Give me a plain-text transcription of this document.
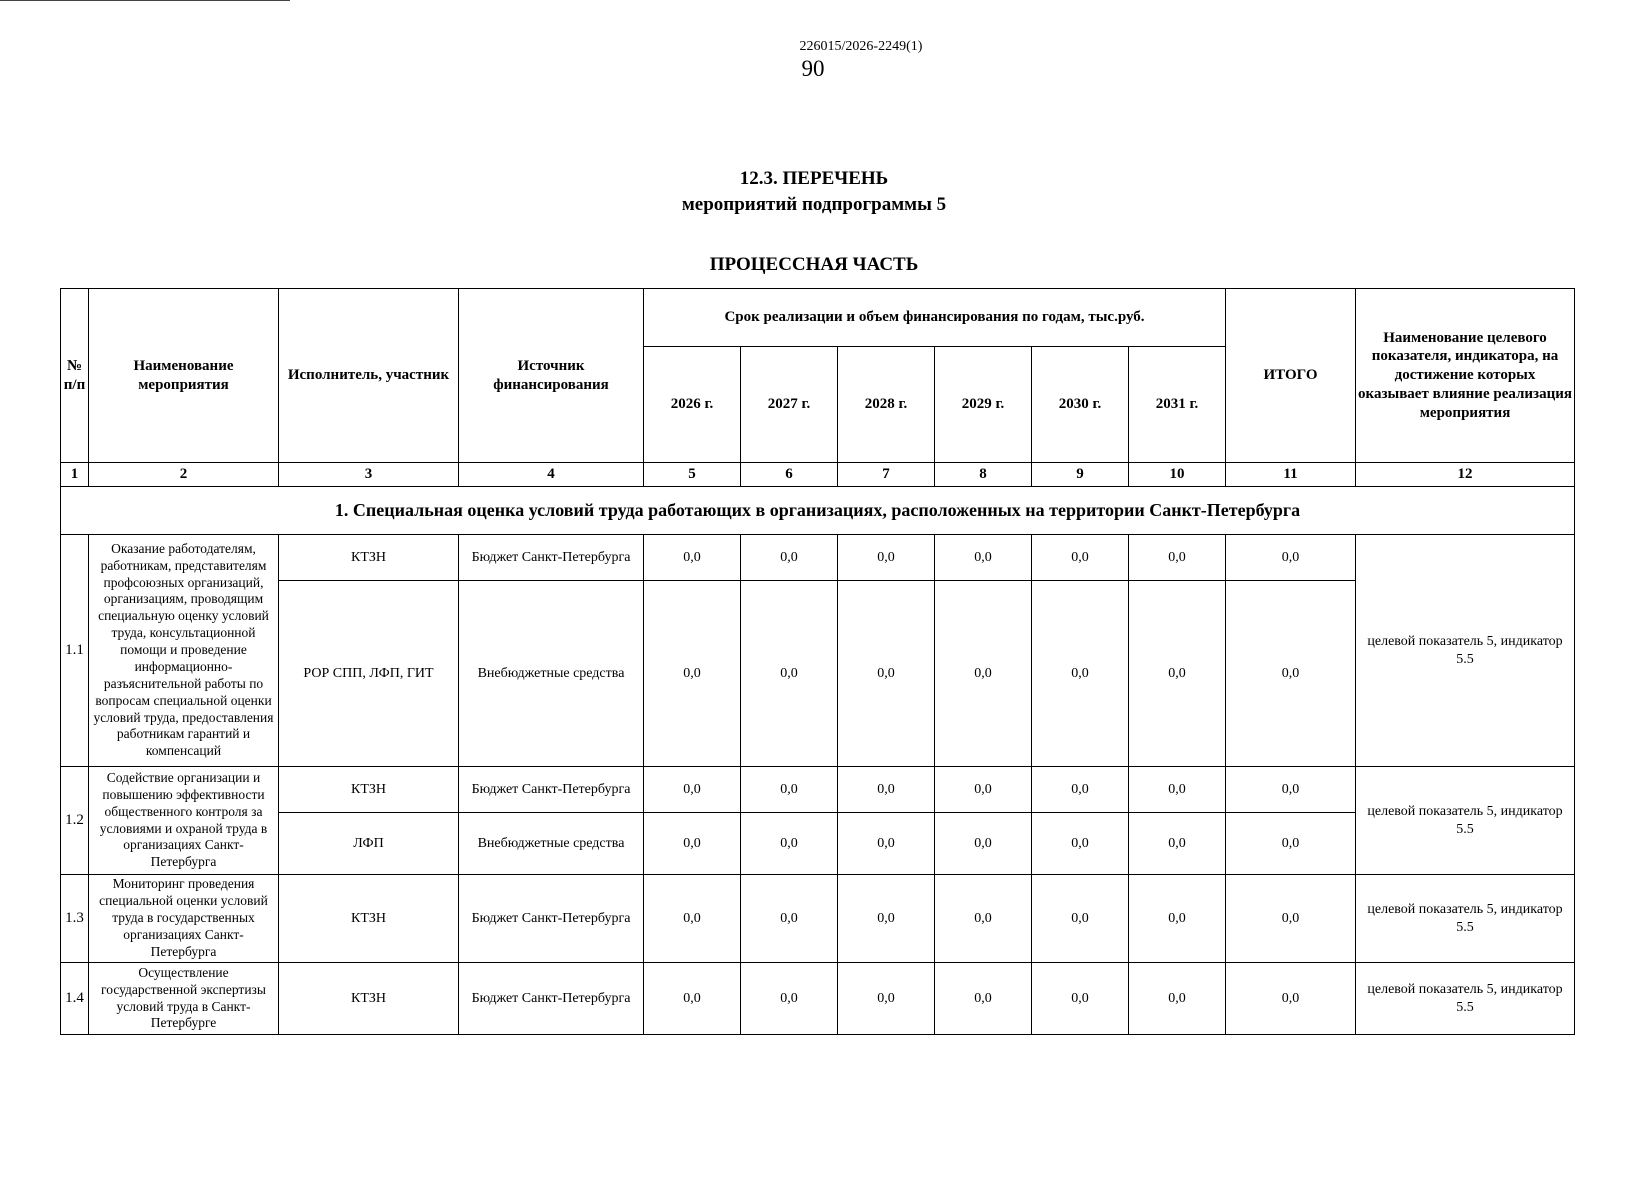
226015/2026-2249(1)
90
12.3. ПЕРЕЧЕНЬ
мероприятий подпрограммы 5
ПРОЦЕССНАЯ ЧАСТЬ
№ п/п	Наименование мероприятия	Исполнитель, участник	Источник финансирования	Срок реализации и объем финансирования по годам, тыс.руб.						ИТОГО	Наименование целевого показателя, индикатора, на достижение которых оказывает влияние реализация мероприятия
				2026 г.	2027 г.	2028 г.	2029 г.	2030 г.	2031 г.		
1	2	3	4	5	6	7	8	9	10	11	12
1. Специальная оценка условий труда работающих в организациях, расположенных на территории Санкт-Петербурга											
1.1	Оказание работодателям, работникам, представителям профсоюзных организаций, организациям, проводящим специальную оценку условий труда, консультационной помощи и проведение информационно-разъяснительной работы по вопросам специальной оценки условий труда, предоставления работникам гарантий и компенсаций	КТЗН	Бюджет Санкт-Петербурга	0,0	0,0	0,0	0,0	0,0	0,0	0,0	целевой показатель 5, индикатор 5.5
		РОР СПП, ЛФП, ГИТ	Внебюджетные средства	0,0	0,0	0,0	0,0	0,0	0,0	0,0	
1.2	Содействие организации и повышению эффективности общественного контроля за условиями и охраной труда в организациях Санкт-Петербурга	КТЗН	Бюджет Санкт-Петербурга	0,0	0,0	0,0	0,0	0,0	0,0	0,0	целевой показатель 5, индикатор 5.5
		ЛФП	Внебюджетные средства	0,0	0,0	0,0	0,0	0,0	0,0	0,0	
1.3	Мониторинг проведения специальной оценки условий труда в государственных организациях Санкт-Петербурга	КТЗН	Бюджет Санкт-Петербурга	0,0	0,0	0,0	0,0	0,0	0,0	0,0	целевой показатель 5, индикатор 5.5
1.4	Осуществление государственной экспертизы условий труда в Санкт-Петербурге	КТЗН	Бюджет Санкт-Петербурга	0,0	0,0	0,0	0,0	0,0	0,0	0,0	целевой показатель 5, индикатор 5.5
